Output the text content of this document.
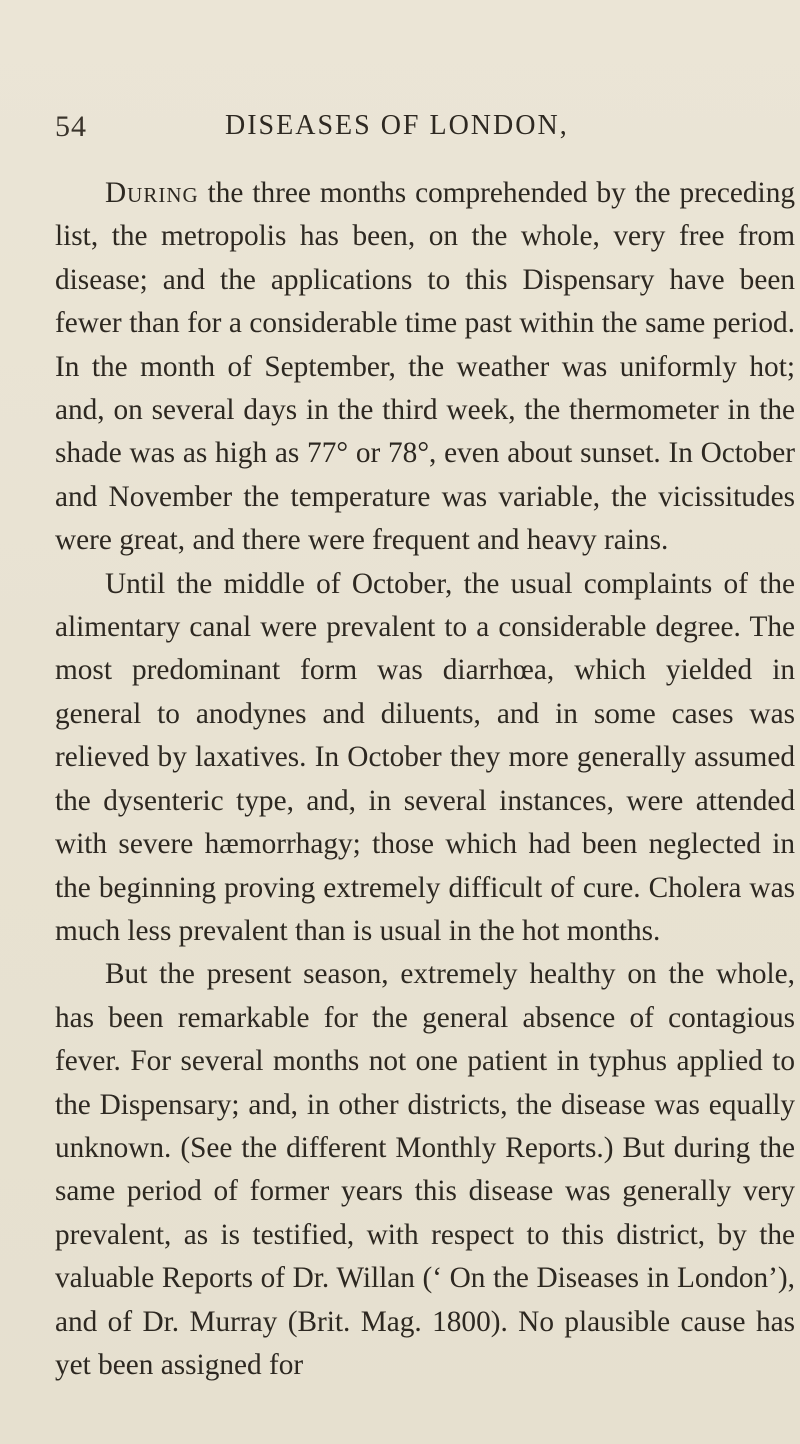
54	DISEASES OF LONDON,

During the three months comprehended by the preceding list, the metropolis has been, on the whole, very free from disease; and the applications to this Dispensary have been fewer than for a considerable time past within the same period. In the month of September, the weather was uniformly hot; and, on several days in the third week, the thermometer in the shade was as high as 77° or 78°, even about sunset. In October and November the temperature was variable, the vicissitudes were great, and there were frequent and heavy rains.

Until the middle of October, the usual complaints of the alimentary canal were prevalent to a considerable degree. The most predominant form was diarrhœa, which yielded in general to anodynes and diluents, and in some cases was relieved by laxatives. In October they more generally assumed the dysenteric type, and, in several instances, were attended with severe hæmorrhagy; those which had been neglected in the beginning proving extremely difficult of cure. Cholera was much less prevalent than is usual in the hot months.

But the present season, extremely healthy on the whole, has been remarkable for the general absence of contagious fever. For several months not one patient in typhus applied to the Dispensary; and, in other districts, the disease was equally unknown. (See the different Monthly Reports.) But during the same period of former years this disease was generally very prevalent, as is testified, with respect to this district, by the valuable Reports of Dr. Willan (‘ On the Diseases in London’), and of Dr. Murray (Brit. Mag. 1800). No plausible cause has yet been assigned for
